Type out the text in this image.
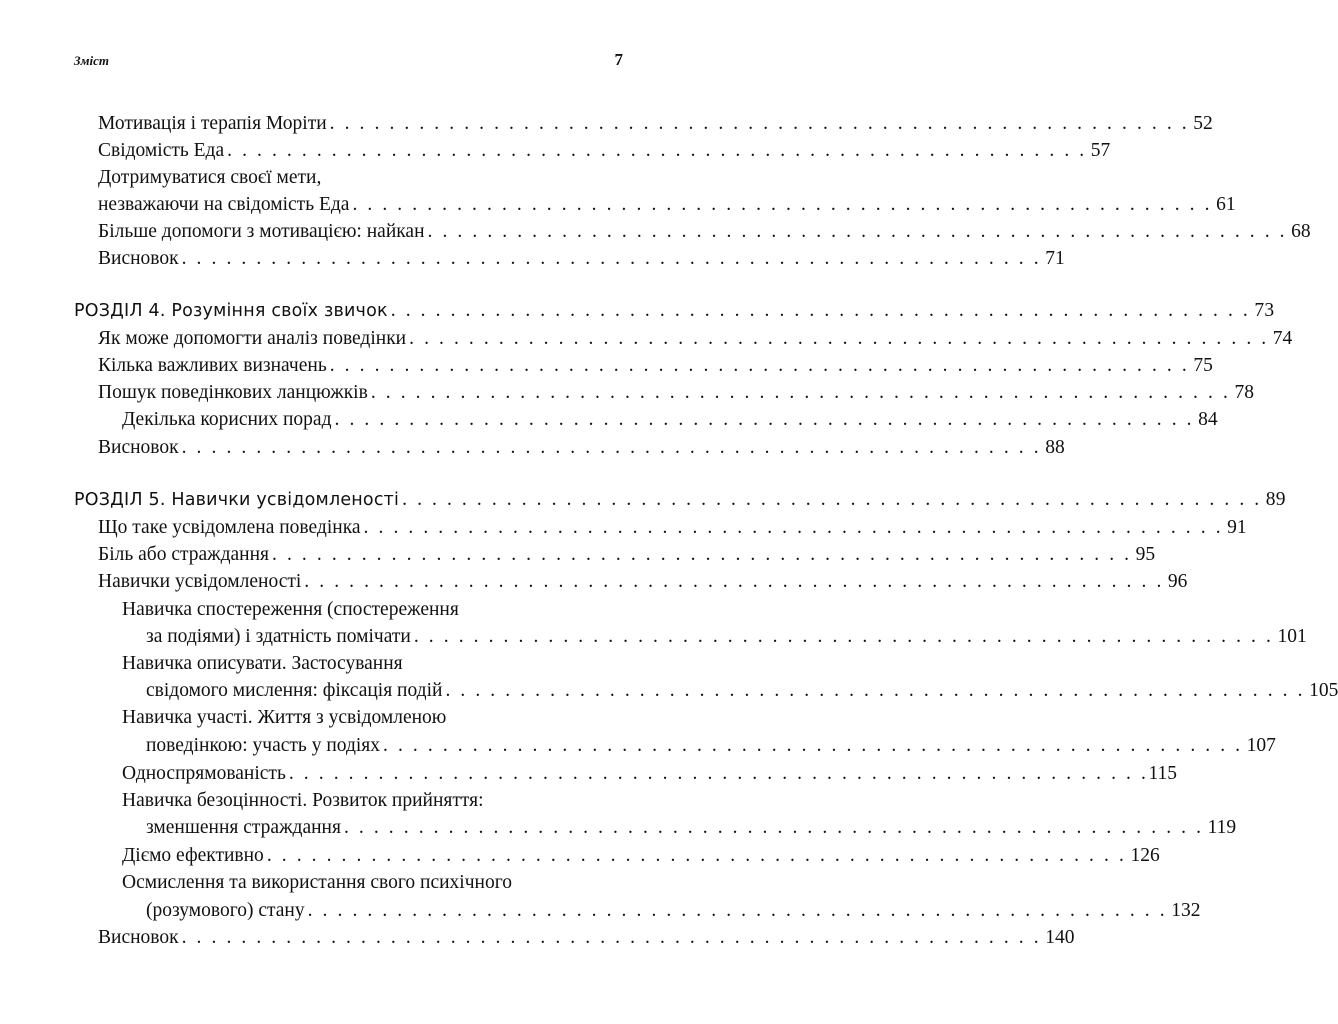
Зміст	7
Мотивація і терапія Моріти . . . . . . . . . . . . . . . . . . . . . . . . . . . . . . . . . . . . . . . . . . . . . . . . . . . . . . . . . . 52
Свідомість Еда . . . . . . . . . . . . . . . . . . . . . . . . . . . . . . . . . . . . . . . . . . . . . . . . . . . . . . . . . . 57
Дотримуватися своєї мети,
незважаючи на свідомість Еда . . . . . . . . . . . . . . . . . . . . . . . . . . . . . . . . . . . . . . . . . . . . . . . . . . . . . . . . . . 61
Більше допомоги з мотивацією: найкан . . . . . . . . . . . . . . . . . . . . . . . . . . . . . . . . . . . . . . . . . . . . . . . . . . . . . . . . . . 68
Висновок . . . . . . . . . . . . . . . . . . . . . . . . . . . . . . . . . . . . . . . . . . . . . . . . . . . . . . . . . . 71
РОЗДІЛ 4. Розуміння своїх звичок . . . . . . . . . . . . . . . . . . . . . . . . . . . . . . . . . . . . . . . . . . . . . . . . . . . . . . . . . . 73
Як може допомогти аналіз поведінки . . . . . . . . . . . . . . . . . . . . . . . . . . . . . . . . . . . . . . . . . . . . . . . . . . . . . . . . . . 74
Кілька важливих визначень . . . . . . . . . . . . . . . . . . . . . . . . . . . . . . . . . . . . . . . . . . . . . . . . . . . . . . . . . . 75
Пошук поведінкових ланцюжків . . . . . . . . . . . . . . . . . . . . . . . . . . . . . . . . . . . . . . . . . . . . . . . . . . . . . . . . . . 78
Декілька корисних порад . . . . . . . . . . . . . . . . . . . . . . . . . . . . . . . . . . . . . . . . . . . . . . . . . . . . . . . . . . 84
Висновок . . . . . . . . . . . . . . . . . . . . . . . . . . . . . . . . . . . . . . . . . . . . . . . . . . . . . . . . . . 88
РОЗДІЛ 5. Навички усвідомленості . . . . . . . . . . . . . . . . . . . . . . . . . . . . . . . . . . . . . . . . . . . . . . . . . . . . . . . . . . 89
Що таке усвідомлена поведінка . . . . . . . . . . . . . . . . . . . . . . . . . . . . . . . . . . . . . . . . . . . . . . . . . . . . . . . . . . 91
Біль або страждання . . . . . . . . . . . . . . . . . . . . . . . . . . . . . . . . . . . . . . . . . . . . . . . . . . . . . . . . . . 95
Навички усвідомленості . . . . . . . . . . . . . . . . . . . . . . . . . . . . . . . . . . . . . . . . . . . . . . . . . . . . . . . . . . 96
Навичка спостереження (спостереження
за подіями) і здатність помічати . . . . . . . . . . . . . . . . . . . . . . . . . . . . . . . . . . . . . . . . . . . . . . . . . . . . . . . . . . 101
Навичка описувати. Застосування
свідомого мислення: фіксація подій . . . . . . . . . . . . . . . . . . . . . . . . . . . . . . . . . . . . . . . . . . . . . . . . . . . . . . . . . . 105
Навичка участі. Життя з усвідомленою
поведінкою: участь у подіях . . . . . . . . . . . . . . . . . . . . . . . . . . . . . . . . . . . . . . . . . . . . . . . . . . . . . . . . . . 107
Односпрямованість . . . . . . . . . . . . . . . . . . . . . . . . . . . . . . . . . . . . . . . . . . . . . . . . . . . . . . . . . . 115
Навичка безоцінності. Розвиток прийняття:
зменшення страждання . . . . . . . . . . . . . . . . . . . . . . . . . . . . . . . . . . . . . . . . . . . . . . . . . . . . . . . . . . 119
Діємо ефективно . . . . . . . . . . . . . . . . . . . . . . . . . . . . . . . . . . . . . . . . . . . . . . . . . . . . . . . . . . 126
Осмислення та використання свого психічного
(розумового) стану . . . . . . . . . . . . . . . . . . . . . . . . . . . . . . . . . . . . . . . . . . . . . . . . . . . . . . . . . . 132
Висновок . . . . . . . . . . . . . . . . . . . . . . . . . . . . . . . . . . . . . . . . . . . . . . . . . . . . . . . . . . 140
